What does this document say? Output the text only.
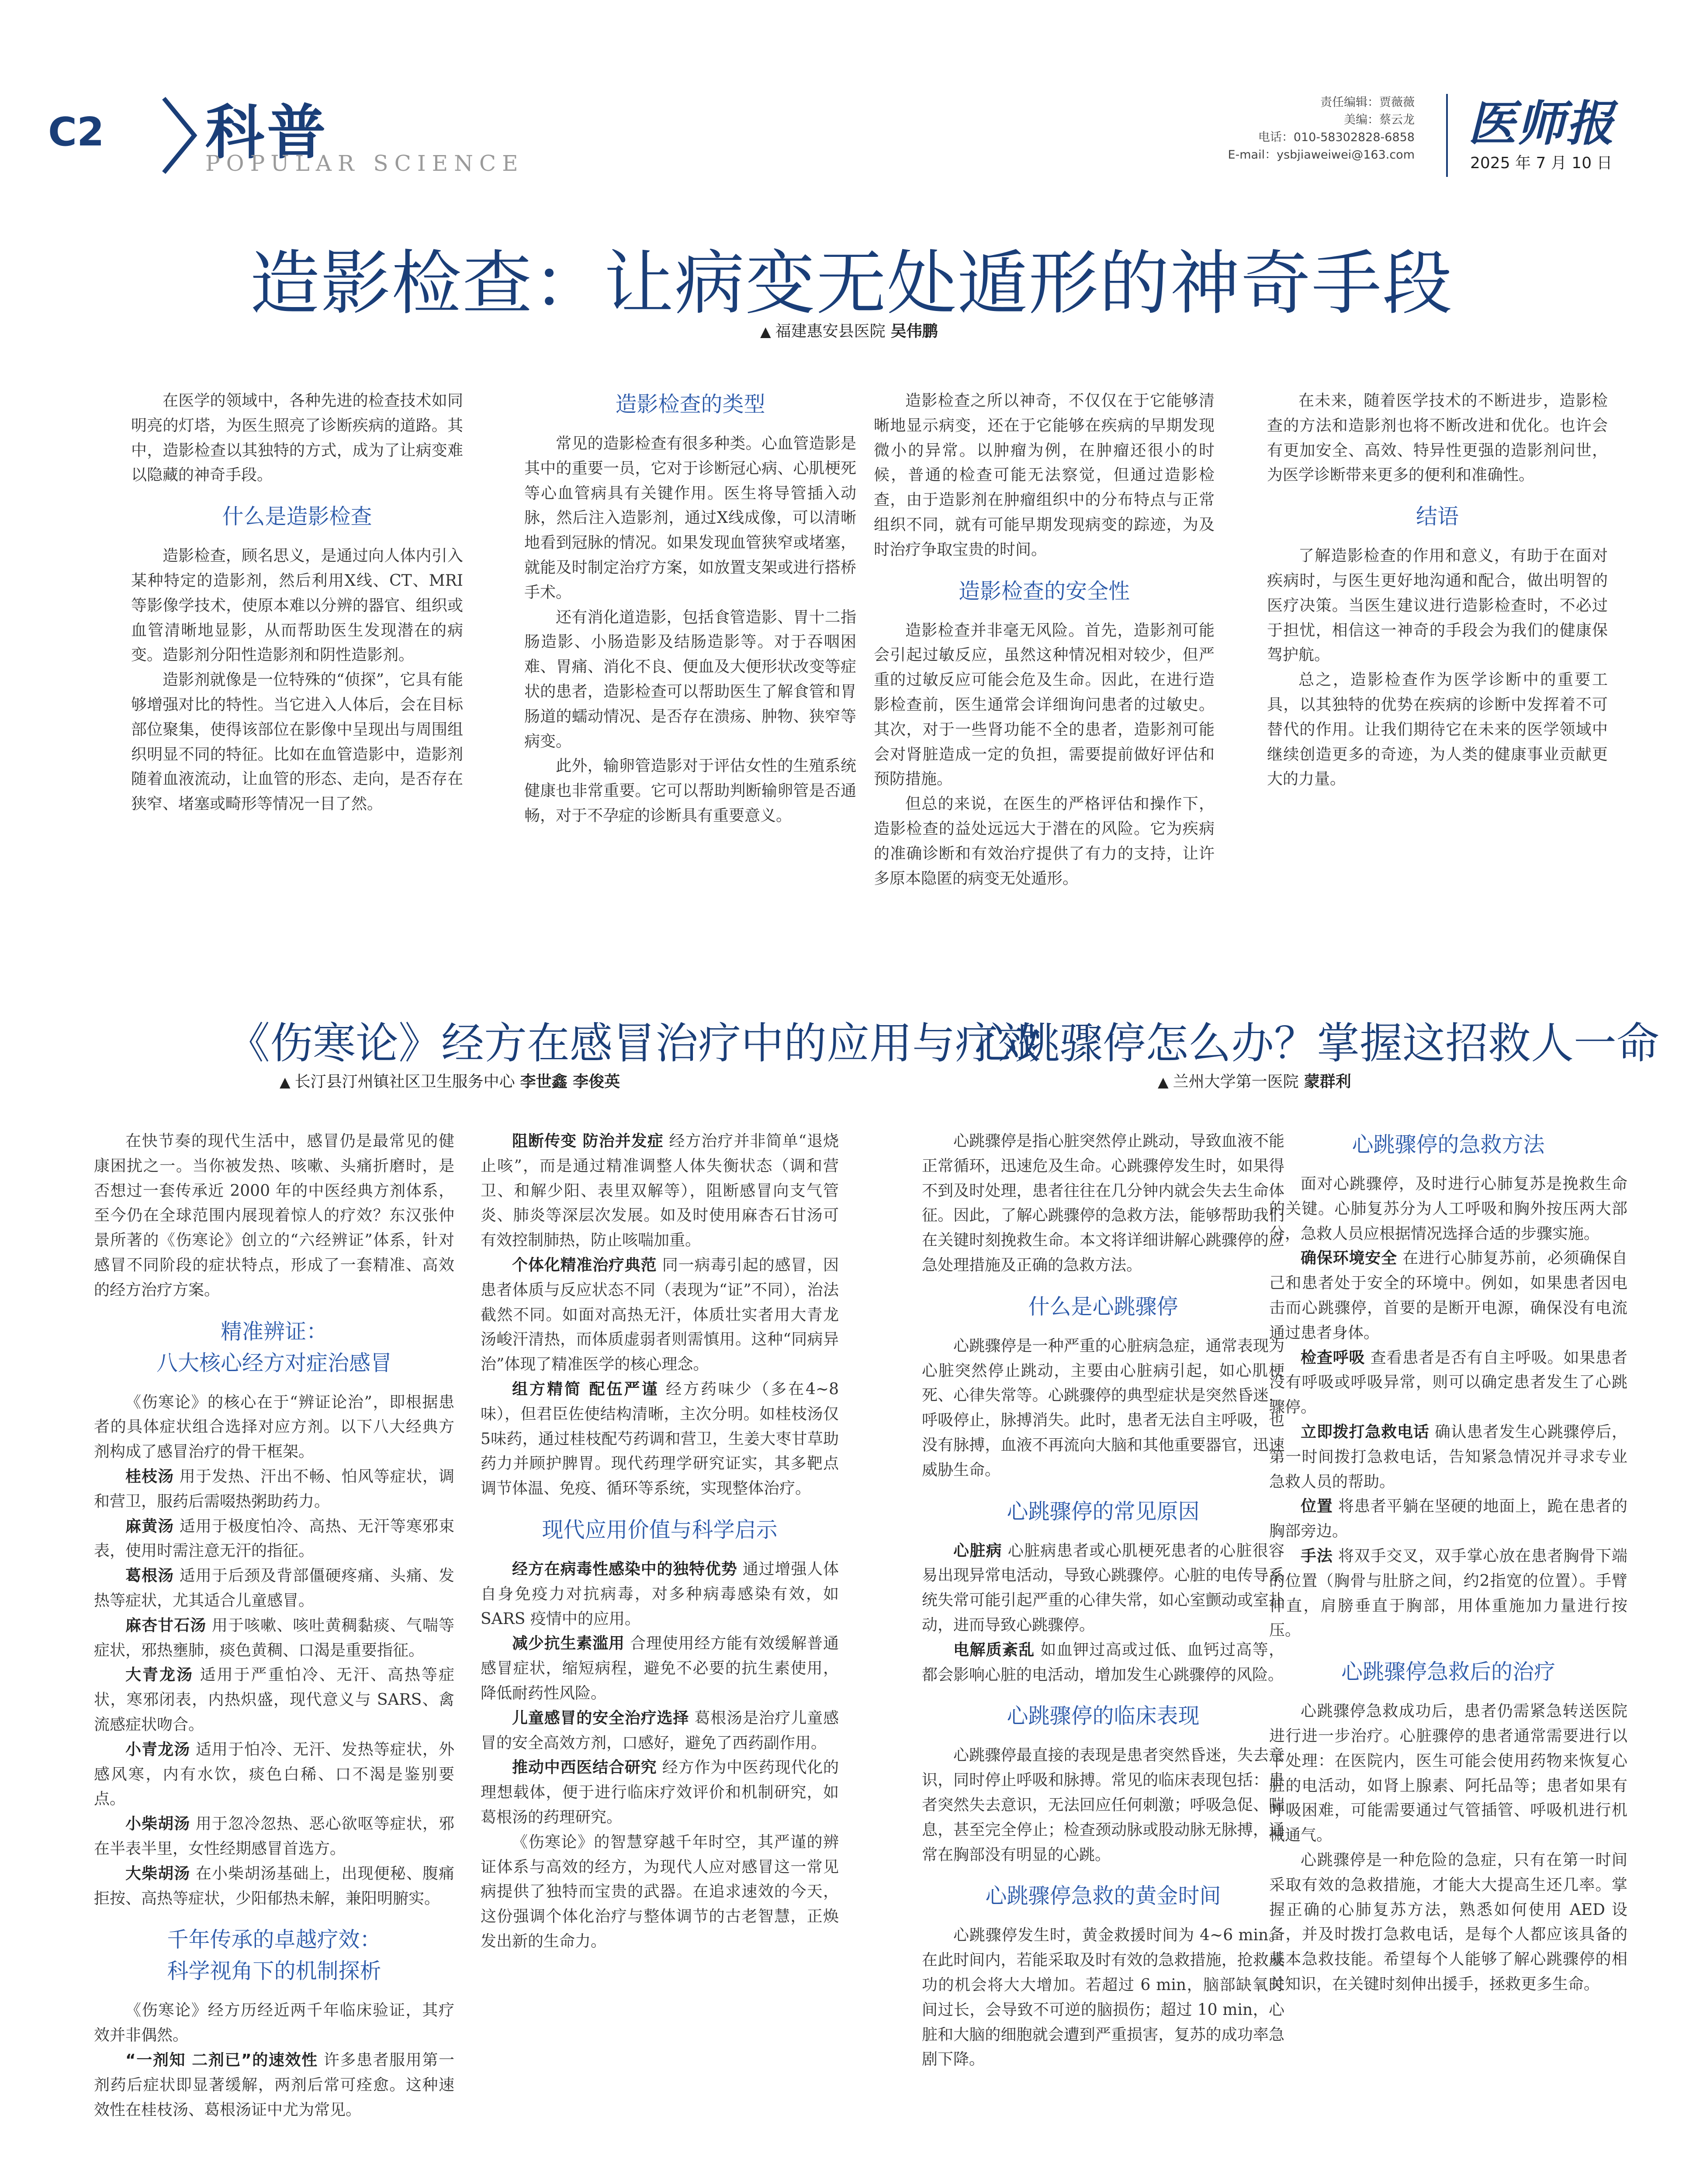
C2 科普
POPULAR SCIENCE
责任编辑：贾薇薇
美编：蔡云龙
电话：010-58302828-6858
E-mail：ysbjiaweiwei@163.com
医师报
2025 年 7 月 10 日
造影检查：让病变无处遁形的神奇手段
▲ 福建惠安县医院 吴伟鹏

在医学的领域中，各种先进的检查技术如同明亮的灯塔，为医生照亮了诊断疾病的道路。其中，造影检查以其独特的方式，成为了让病变难以隐藏的神奇手段。

什么是造影检查

造影检查，顾名思义，是通过向人体内引入某种特定的造影剂，然后利用X线、CT、MRI等影像学技术，使原本难以分辨的器官、组织或血管清晰地显影，从而帮助医生发现潜在的病变。造影剂分阳性造影剂和阴性造影剂。

造影剂就像是一位特殊的“侦探”，它具有能够增强对比的特性。当它进入人体后，会在目标部位聚集，使得该部位在影像中呈现出与周围组织明显不同的特征。比如在血管造影中，造影剂随着血液流动，让血管的形态、走向，是否存在狭窄、堵塞或畸形等情况一目了然。

造影检查的类型

常见的造影检查有很多种类。心血管造影是其中的重要一员，它对于诊断冠心病、心肌梗死等心血管病具有关键作用。医生将导管插入动脉，然后注入造影剂，通过X线成像，可以清晰地看到冠脉的情况。如果发现血管狭窄或堵塞，就能及时制定治疗方案，如放置支架或进行搭桥手术。

还有消化道造影，包括食管造影、胃十二指肠造影、小肠造影及结肠造影等。对于吞咽困难、胃痛、消化不良、便血及大便形状改变等症状的患者，造影检查可以帮助医生了解食管和胃肠道的蠕动情况、是否存在溃疡、肿物、狭窄等病变。

此外，输卵管造影对于评估女性的生殖系统健康也非常重要。它可以帮助判断输卵管是否通畅，对于不孕症的诊断具有重要意义。

造影检查之所以神奇，不仅仅在于它能够清晰地显示病变，还在于它能够在疾病的早期发现微小的异常。以肿瘤为例，在肿瘤还很小的时候，普通的检查可能无法察觉，但通过造影检查，由于造影剂在肿瘤组织中的分布特点与正常组织不同，就有可能早期发现病变的踪迹，为及时治疗争取宝贵的时间。

造影检查的安全性

造影检查并非毫无风险。首先，造影剂可能会引起过敏反应，虽然这种情况相对较少，但严重的过敏反应可能会危及生命。因此，在进行造影检查前，医生通常会详细询问患者的过敏史。其次，对于一些肾功能不全的患者，造影剂可能会对肾脏造成一定的负担，需要提前做好评估和预防措施。

但总的来说，在医生的严格评估和操作下，造影检查的益处远远大于潜在的风险。它为疾病的准确诊断和有效治疗提供了有力的支持，让许多原本隐匿的病变无处遁形。

在未来，随着医学技术的不断进步，造影检查的方法和造影剂也将不断改进和优化。也许会有更加安全、高效、特异性更强的造影剂问世，为医学诊断带来更多的便利和准确性。

结语

了解造影检查的作用和意义，有助于在面对疾病时，与医生更好地沟通和配合，做出明智的医疗决策。当医生建议进行造影检查时，不必过于担忧，相信这一神奇的手段会为我们的健康保驾护航。

总之，造影检查作为医学诊断中的重要工具，以其独特的优势在疾病的诊断中发挥着不可替代的作用。让我们期待它在未来的医学领域中继续创造更多的奇迹，为人类的健康事业贡献更大的力量。

《伤寒论》经方在感冒治疗中的应用与疗效
▲ 长汀县汀州镇社区卫生服务中心 李世鑫 李俊英

在快节奏的现代生活中，感冒仍是最常见的健康困扰之一。当你被发热、咳嗽、头痛折磨时，是否想过一套传承近 2000 年的中医经典方剂体系，至今仍在全球范围内展现着惊人的疗效？东汉张仲景所著的《伤寒论》创立的“六经辨证”体系，针对感冒不同阶段的症状特点，形成了一套精准、高效的经方治疗方案。

精准辨证：
八大核心经方对症治感冒

《伤寒论》的核心在于“辨证论治”，即根据患者的具体症状组合选择对应方剂。以下八大经典方剂构成了感冒治疗的骨干框架。

桂枝汤 用于发热、汗出不畅、怕风等症状，调和营卫，服药后需啜热粥助药力。

麻黄汤 适用于极度怕冷、高热、无汗等寒邪束表，使用时需注意无汗的指征。

葛根汤 适用于后颈及背部僵硬疼痛、头痛、发热等症状，尤其适合儿童感冒。

麻杏甘石汤 用于咳嗽、咳吐黄稠黏痰、气喘等症状，邪热壅肺，痰色黄稠、口渴是重要指征。

大青龙汤 适用于严重怕冷、无汗、高热等症状，寒邪闭表，内热炽盛，现代意义与 SARS、禽流感症状吻合。

小青龙汤 适用于怕冷、无汗、发热等症状，外感风寒，内有水饮，痰色白稀、口不渴是鉴别要点。

小柴胡汤 用于忽冷忽热、恶心欲呕等症状，邪在半表半里，女性经期感冒首选方。

大柴胡汤 在小柴胡汤基础上，出现便秘、腹痛拒按、高热等症状，少阳郁热未解，兼阳明腑实。

千年传承的卓越疗效：
科学视角下的机制探析

《伤寒论》经方历经近两千年临床验证，其疗效并非偶然。

“一剂知 二剂已”的速效性 许多患者服用第一剂药后症状即显著缓解，两剂后常可痊愈。这种速效性在桂枝汤、葛根汤证中尤为常见。

阻断传变 防治并发症 经方治疗并非简单“退烧止咳”，而是通过精准调整人体失衡状态（调和营卫、和解少阳、表里双解等），阻断感冒向支气管炎、肺炎等深层次发展。如及时使用麻杏石甘汤可有效控制肺热，防止咳喘加重。

个体化精准治疗典范 同一病毒引起的感冒，因患者体质与反应状态不同（表现为“证”不同），治法截然不同。如面对高热无汗，体质壮实者用大青龙汤峻汗清热，而体质虚弱者则需慎用。这种“同病异治”体现了精准医学的核心理念。

组方精简 配伍严谨 经方药味少（多在4~8味），但君臣佐使结构清晰，主次分明。如桂枝汤仅5味药，通过桂枝配芍药调和营卫，生姜大枣甘草助药力并顾护脾胃。现代药理学研究证实，其多靶点调节体温、免疫、循环等系统，实现整体治疗。

现代应用价值与科学启示

经方在病毒性感染中的独特优势 通过增强人体自身免疫力对抗病毒，对多种病毒感染有效，如 SARS 疫情中的应用。

减少抗生素滥用 合理使用经方能有效缓解普通感冒症状，缩短病程，避免不必要的抗生素使用，降低耐药性风险。

儿童感冒的安全治疗选择 葛根汤是治疗儿童感冒的安全高效方剂，口感好，避免了西药副作用。

推动中西医结合研究 经方作为中医药现代化的理想载体，便于进行临床疗效评价和机制研究，如葛根汤的药理研究。

《伤寒论》的智慧穿越千年时空，其严谨的辨证体系与高效的经方，为现代人应对感冒这一常见病提供了独特而宝贵的武器。在追求速效的今天，这份强调个体化治疗与整体调节的古老智慧，正焕发出新的生命力。

心跳骤停怎么办？掌握这招救人一命
▲ 兰州大学第一医院 蒙群利

心跳骤停是指心脏突然停止跳动，导致血液不能正常循环，迅速危及生命。心跳骤停发生时，如果得不到及时处理，患者往往在几分钟内就会失去生命体征。因此，了解心跳骤停的急救方法，能够帮助我们在关键时刻挽救生命。本文将详细讲解心跳骤停的应急处理措施及正确的急救方法。

什么是心跳骤停

心跳骤停是一种严重的心脏病急症，通常表现为心脏突然停止跳动，主要由心脏病引起，如心肌梗死、心律失常等。心跳骤停的典型症状是突然昏迷，呼吸停止，脉搏消失。此时，患者无法自主呼吸，也没有脉搏，血液不再流向大脑和其他重要器官，迅速威胁生命。

心跳骤停的常见原因

心脏病 心脏病患者或心肌梗死患者的心脏很容易出现异常电活动，导致心跳骤停。心脏的电传导系统失常可能引起严重的心律失常，如心室颤动或室扑动，进而导致心跳骤停。

电解质紊乱 如血钾过高或过低、血钙过高等，都会影响心脏的电活动，增加发生心跳骤停的风险。

心跳骤停的临床表现

心跳骤停最直接的表现是患者突然昏迷，失去意识，同时停止呼吸和脉搏。常见的临床表现包括：患者突然失去意识，无法回应任何刺激；呼吸急促、喘息，甚至完全停止；检查颈动脉或股动脉无脉搏，通常在胸部没有明显的心跳。

心跳骤停急救的黄金时间

心跳骤停发生时，黄金救援时间为 4~6 min。在此时间内，若能采取及时有效的急救措施，抢救成功的机会将大大增加。若超过 6 min，脑部缺氧时间过长，会导致不可逆的脑损伤；超过 10 min，心脏和大脑的细胞就会遭到严重损害，复苏的成功率急剧下降。

心跳骤停的急救方法

面对心跳骤停，及时进行心肺复苏是挽救生命的关键。心肺复苏分为人工呼吸和胸外按压两大部分，急救人员应根据情况选择合适的步骤实施。

确保环境安全 在进行心肺复苏前，必须确保自己和患者处于安全的环境中。例如，如果患者因电击而心跳骤停，首要的是断开电源，确保没有电流通过患者身体。

检查呼吸 查看患者是否有自主呼吸。如果患者没有呼吸或呼吸异常，则可以确定患者发生了心跳骤停。

立即拨打急救电话 确认患者发生心跳骤停后，第一时间拨打急救电话，告知紧急情况并寻求专业急救人员的帮助。

位置 将患者平躺在坚硬的地面上，跪在患者的胸部旁边。

手法 将双手交叉，双手掌心放在患者胸骨下端的位置（胸骨与肚脐之间，约2指宽的位置）。手臂伸直，肩膀垂直于胸部，用体重施加力量进行按压。

心跳骤停急救后的治疗

心跳骤停急救成功后，患者仍需紧急转送医院进行进一步治疗。心脏骤停的患者通常需要进行以下处理：在医院内，医生可能会使用药物来恢复心脏的电活动，如肾上腺素、阿托品等；患者如果有呼吸困难，可能需要通过气管插管、呼吸机进行机械通气。

心跳骤停是一种危险的急症，只有在第一时间采取有效的急救措施，才能大大提高生还几率。掌握正确的心肺复苏方法，熟悉如何使用 AED 设备，并及时拨打急救电话，是每个人都应该具备的基本急救技能。希望每个人能够了解心跳骤停的相关知识，在关键时刻伸出援手，拯救更多生命。
